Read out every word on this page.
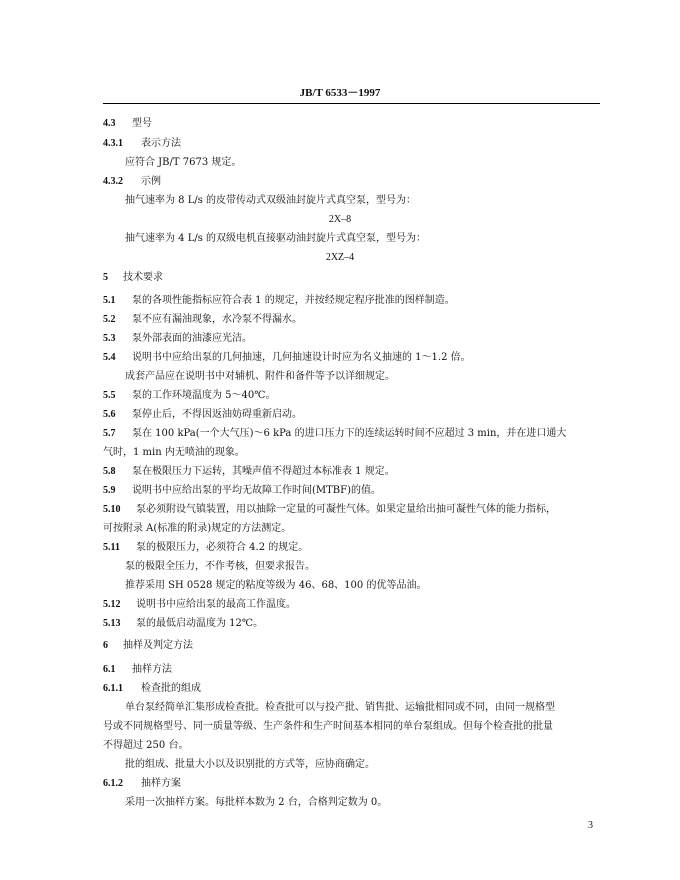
JB/T 6533－1997
4.3 型号
4.3.1 表示方法
应符合 JB/T 7673 规定。
4.3.2 示例
抽气速率为 8 L/s 的皮带传动式双级油封旋片式真空泵，型号为：
2X–8
抽气速率为 4 L/s 的双级电机直接驱动油封旋片式真空泵，型号为：
2XZ–4
5 技术要求
5.1 泵的各项性能指标应符合表 1 的规定，并按经规定程序批准的图样制造。
5.2 泵不应有漏油现象，水冷泵不得漏水。
5.3 泵外部表面的油漆应光洁。
5.4 说明书中应给出泵的几何抽速，几何抽速设计时应为名义抽速的 1～1.2 倍。
成套产品应在说明书中对辅机、附件和备件等予以详细规定。
5.5 泵的工作环境温度为 5～40℃。
5.6 泵停止后，不得因返油妨碍重新启动。
5.7 泵在 100 kPa(一个大气压)～6 kPa 的进口压力下的连续运转时间不应超过 3 min，并在进口通大
气时，1 min 内无喷油的现象。
5.8 泵在极限压力下运转，其噪声值不得超过本标准表 1 规定。
5.9 说明书中应给出泵的平均无故障工作时间(MTBF)的值。
5.10 泵必须附设气镇装置，用以抽除一定量的可凝性气体。如果定量给出抽可凝性气体的能力指标，
可按附录 A(标准的附录)规定的方法测定。
5.11 泵的极限压力，必须符合 4.2 的规定。
泵的极限全压力，不作考核，但要求报告。
推荐采用 SH 0528 规定的粘度等级为 46、68、100 的优等品油。
5.12 说明书中应给出泵的最高工作温度。
5.13 泵的最低启动温度为 12℃。
6 抽样及判定方法
6.1 抽样方法
6.1.1 检查批的组成
单台泵经简单汇集形成检查批。检查批可以与投产批、销售批、运输批相同或不同，由同一规格型
号或不同规格型号、同一质量等级、生产条件和生产时间基本相同的单台泵组成。但每个检查批的批量
不得超过 250 台。
批的组成、批量大小以及识别批的方式等，应协商确定。
6.1.2 抽样方案
采用一次抽样方案。每批样本数为 2 台，合格判定数为 0。
3
